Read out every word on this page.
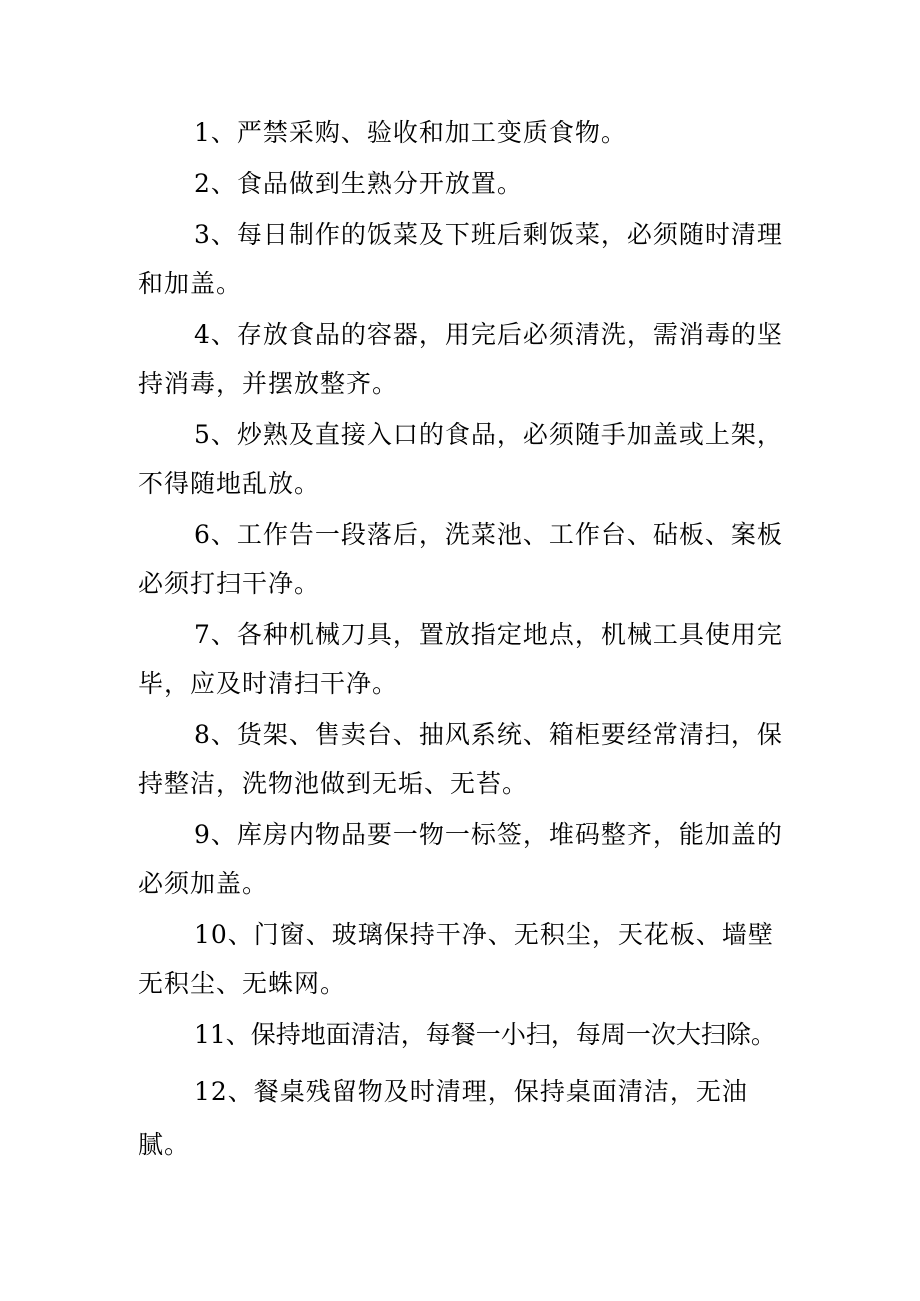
1、严禁采购、验收和加工变质食物。

2、食品做到生熟分开放置。

3、每日制作的饭菜及下班后剩饭菜，必须随时清理和加盖。

4、存放食品的容器，用完后必须清洗，需消毒的坚持消毒，并摆放整齐。

5、炒熟及直接入口的食品，必须随手加盖或上架，不得随地乱放。

6、工作告一段落后，洗菜池、工作台、砧板、案板必须打扫干净。

7、各种机械刀具，置放指定地点，机械工具使用完毕，应及时清扫干净。

8、货架、售卖台、抽风系统、箱柜要经常清扫，保持整洁，洗物池做到无垢、无苔。

9、库房内物品要一物一标签，堆码整齐，能加盖的必须加盖。

10、门窗、玻璃保持干净、无积尘，天花板、墙壁无积尘、无蛛网。

11、保持地面清洁，每餐一小扫，每周一次大扫除。

12、餐桌残留物及时清理，保持桌面清洁，无油腻。
